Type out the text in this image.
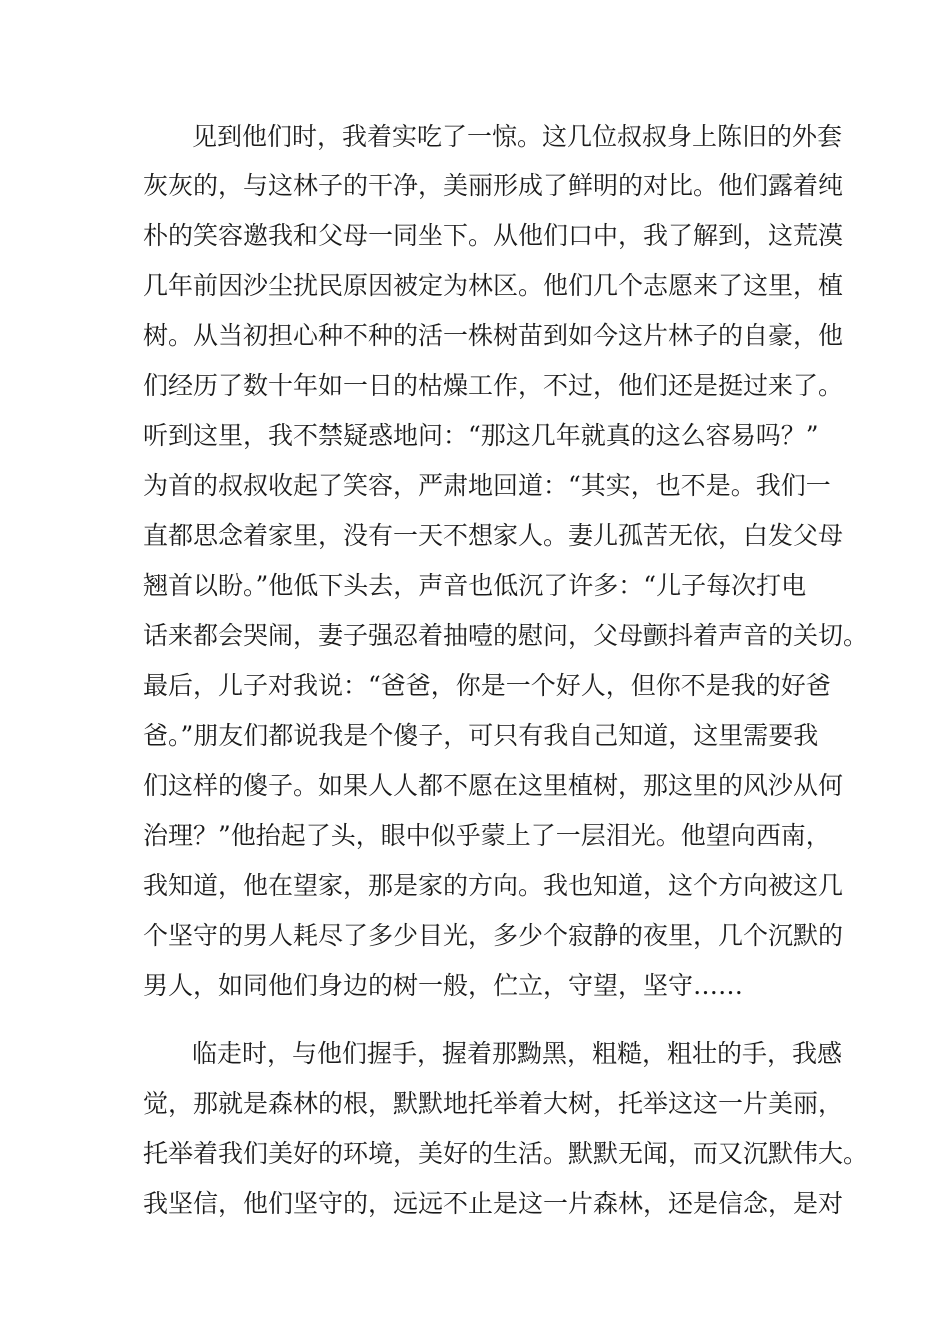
见到他们时，我着实吃了一惊。这几位叔叔身上陈旧的外套
灰灰的，与这林子的干净，美丽形成了鲜明的对比。他们露着纯
朴的笑容邀我和父母一同坐下。从他们口中，我了解到，这荒漠
几年前因沙尘扰民原因被定为林区。他们几个志愿来了这里，植
树。从当初担心种不种的活一株树苗到如今这片林子的自豪，他
们经历了数十年如一日的枯燥工作，不过，他们还是挺过来了。
听到这里，我不禁疑惑地问：“那这几年就真的这么容易吗？”
为首的叔叔收起了笑容，严肃地回道：“其实，也不是。我们一
直都思念着家里，没有一天不想家人。妻儿孤苦无依，白发父母
翘首以盼。”他低下头去，声音也低沉了许多：“儿子每次打电
话来都会哭闹，妻子强忍着抽噎的慰问，父母颤抖着声音的关切。
最后，儿子对我说：“爸爸，你是一个好人，但你不是我的好爸
爸。”朋友们都说我是个傻子，可只有我自己知道，这里需要我
们这样的傻子。如果人人都不愿在这里植树，那这里的风沙从何
治理？”他抬起了头，眼中似乎蒙上了一层泪光。他望向西南，
我知道，他在望家，那是家的方向。我也知道，这个方向被这几
个坚守的男人耗尽了多少目光，多少个寂静的夜里，几个沉默的
男人，如同他们身边的树一般，伫立，守望，坚守……
临走时，与他们握手，握着那黝黑，粗糙，粗壮的手，我感
觉，那就是森林的根，默默地托举着大树，托举这这一片美丽，
托举着我们美好的环境，美好的生活。默默无闻，而又沉默伟大。
我坚信，他们坚守的，远远不止是这一片森林，还是信念，是对
